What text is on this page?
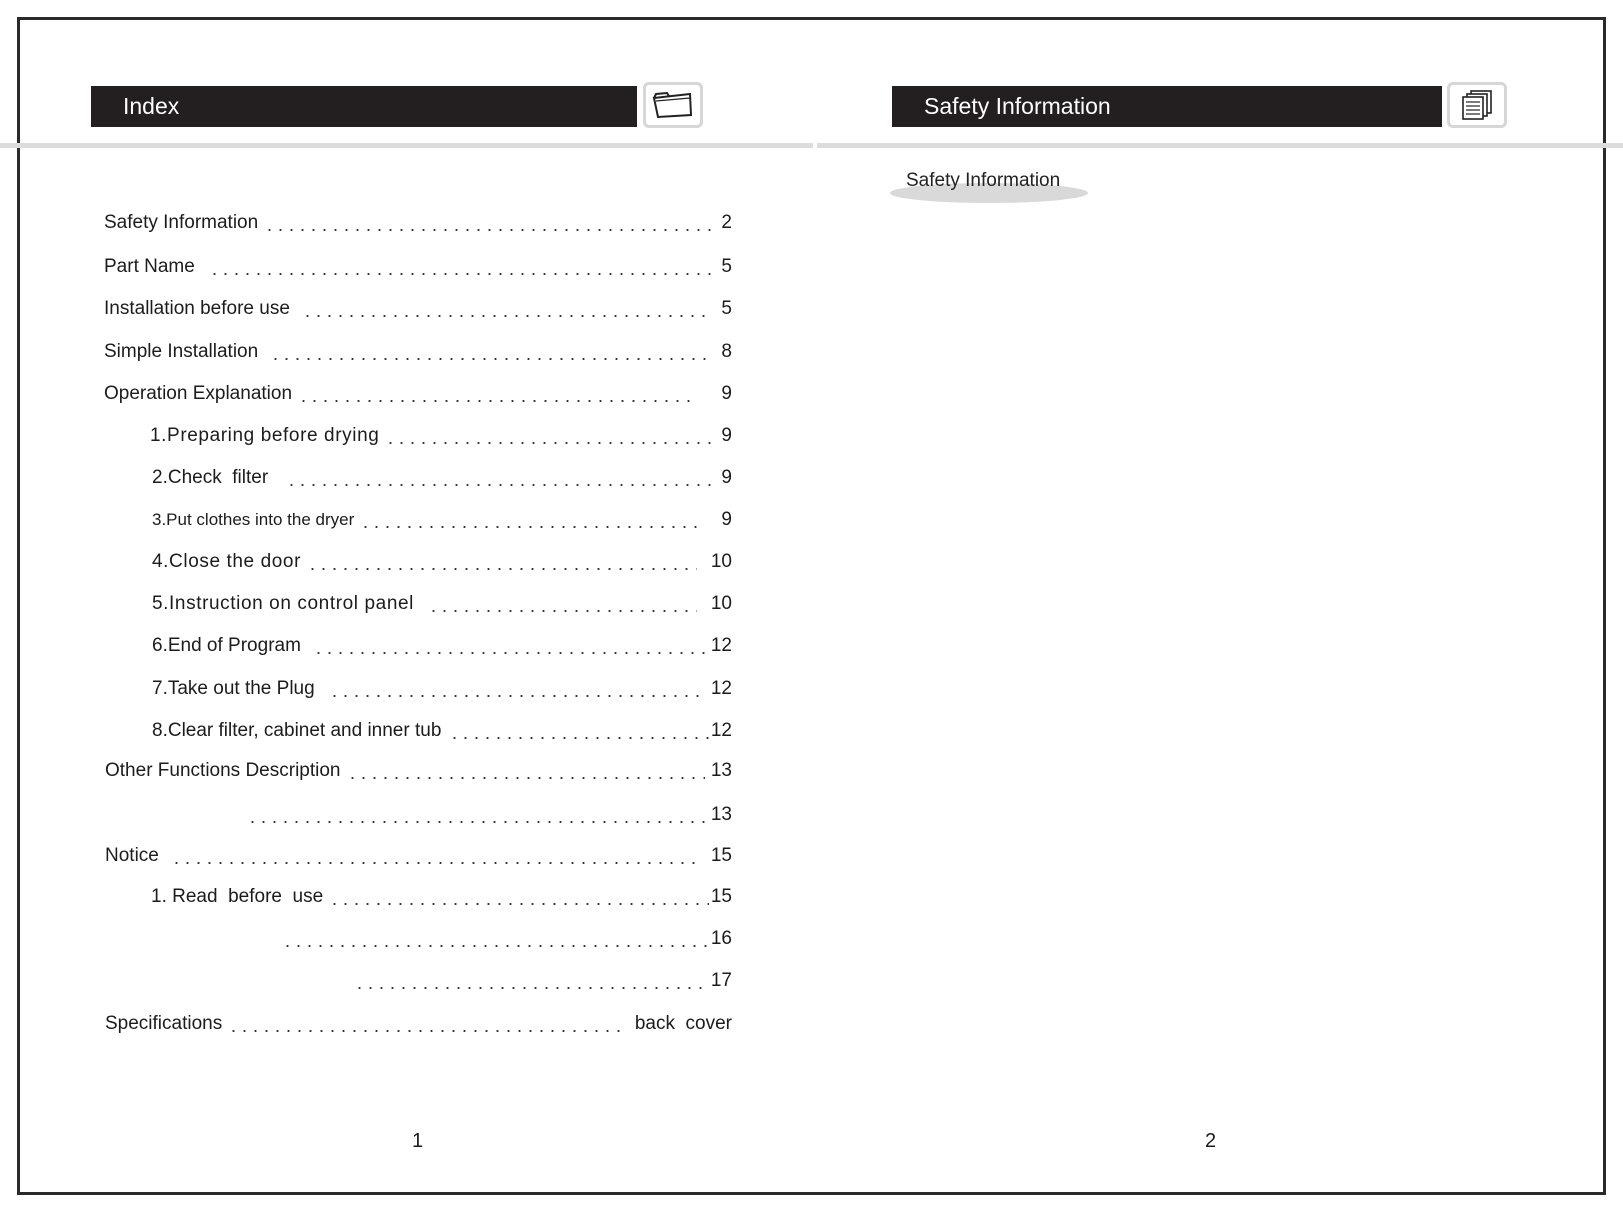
Index	Safety Information
Safety Information	2
Part Name	5
Installation before use	5
Simple Installation	8
Operation Explanation	9
1.Preparing before drying	9
2.Check  filter	9
3.Put clothes into the dryer	9
4.Close the door	10
5.Instruction on control panel	10
6.End of Program	12
7.Take out the Plug	12
8.Clear filter, cabinet and inner tub	12
Other Functions Description	13
13
Notice	15
1. Read  before  use	15
16
17
Specifications	back  cover
Safety Information
1	2
